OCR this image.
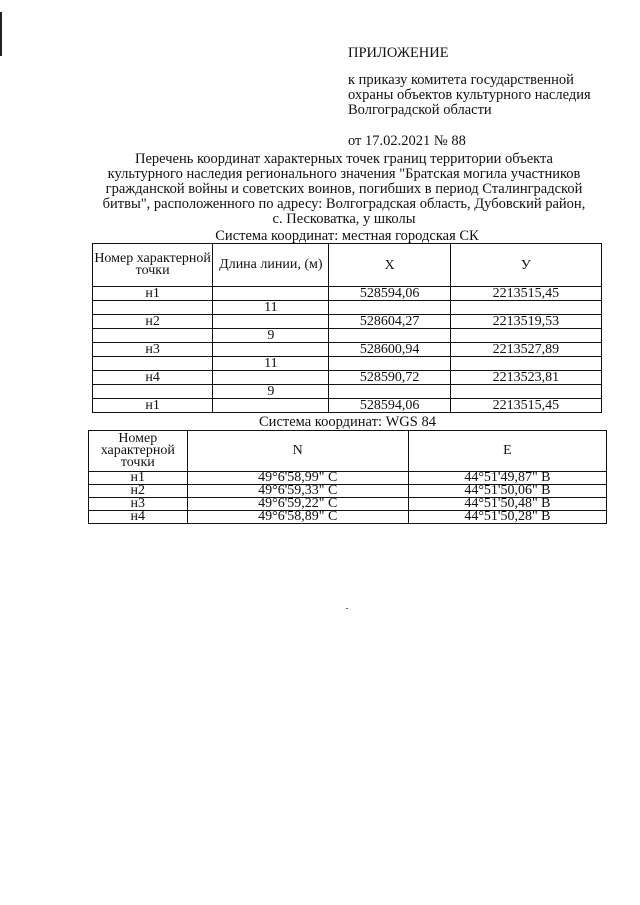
ПРИЛОЖЕНИЕ
к приказу комитета государственной
охраны объектов культурного наследия
Волгоградской области
от 17.02.2021 № 88
Перечень координат характерных точек границ территории объекта
культурного наследия регионального значения "Братская могила участников
гражданской войны и советских воинов, погибших в период Сталинградской
битвы", расположенного по адресу: Волгоградская область, Дубовский район,
с. Песковатка, у школы
Система координат: местная городская СК
Номер характерной точки	Длина линии, (м)	Х	У
н1		528594,06	2213515,45
	11		
н2		528604,27	2213519,53
	9		
н3		528600,94	2213527,89
	11		
н4		528590,72	2213523,81
	9		
н1		528594,06	2213515,45
Система координат: WGS 84
Номер характерной точки	N	E
н1	49°6'58,99" С	44°51'49,87" В
н2	49°6'59,33" С	44°51'50,06" В
н3	49°6'59,22" С	44°51'50,48" В
н4	49°6'58,89" С	44°51'50,28" В
